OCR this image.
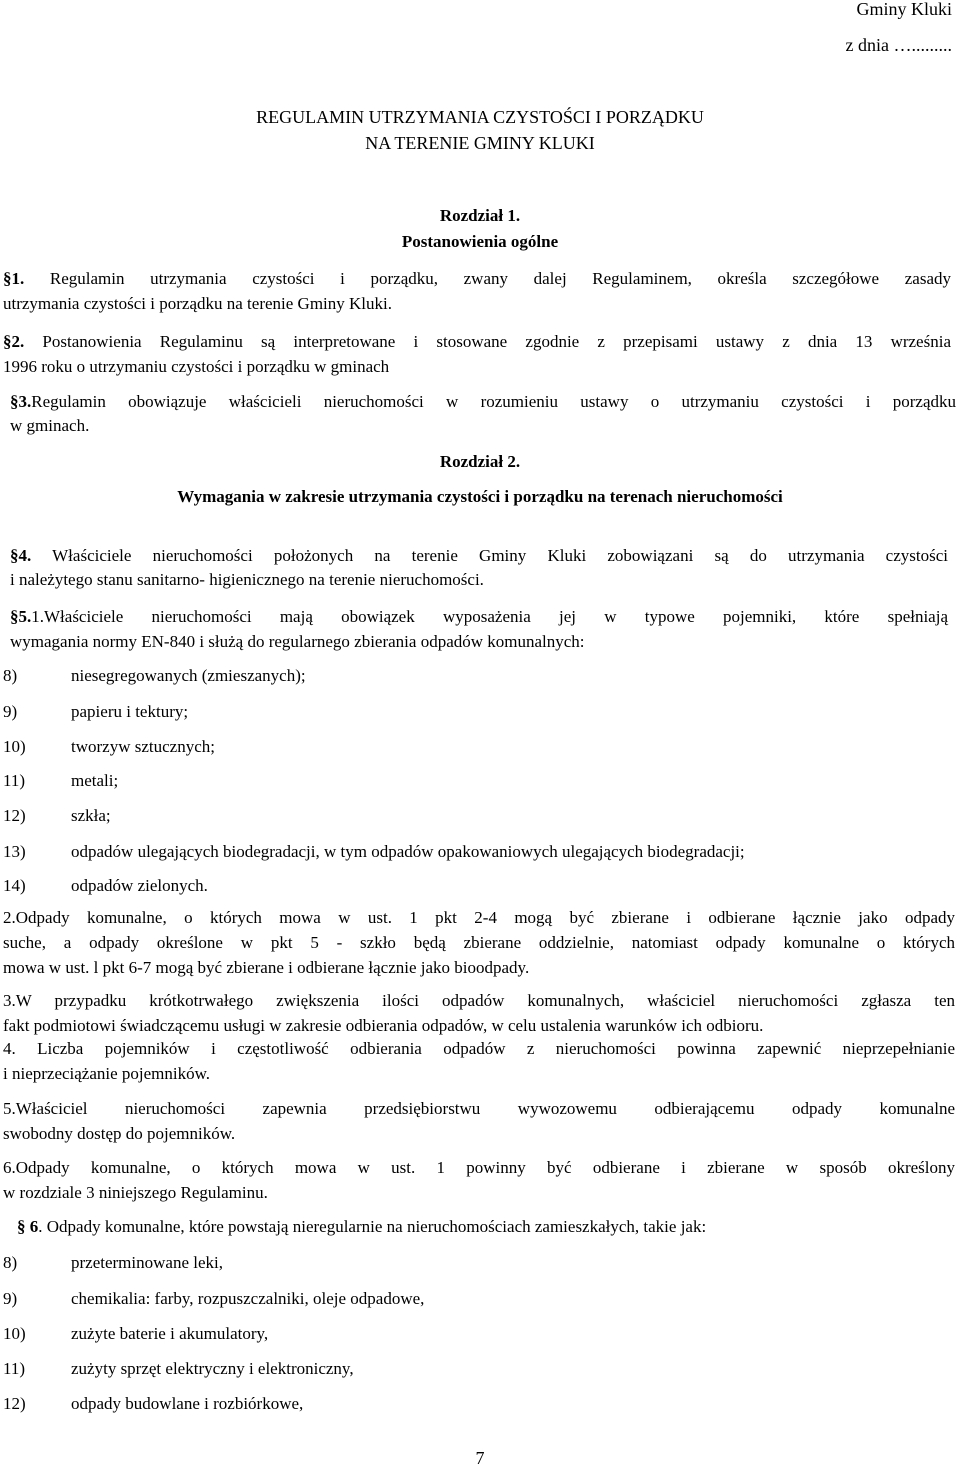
Gminy Kluki
z dnia ….........
REGULAMIN UTRZYMANIA CZYSTOŚCI I PORZĄDKU
NA TERENIE GMINY KLUKI
Rozdział 1.
Postanowienia ogólne
§1. Regulamin utrzymania czystości i porządku, zwany dalej Regulaminem, określa szczegółowe zasady
utrzymania czystości i porządku na terenie Gminy Kluki.
§2. Postanowienia Regulaminu są interpretowane i stosowane zgodnie z przepisami ustawy z dnia 13 września
1996 roku o utrzymaniu czystości i porządku w gminach
§3.Regulamin obowiązuje właścicieli nieruchomości w rozumieniu ustawy o utrzymaniu czystości i porządku
w gminach.
Rozdział 2.
Wymagania w zakresie utrzymania czystości i porządku na terenach nieruchomości
§4. Właściciele nieruchomości położonych na terenie Gminy Kluki zobowiązani są do utrzymania czystości
i należytego stanu sanitarno- higienicznego na terenie nieruchomości.
§5.1.Właściciele nieruchomości mają obowiązek wyposażenia jej w typowe pojemniki, które spełniają
wymagania normy EN-840 i służą do regularnego zbierania odpadów komunalnych:
8)	niesegregowanych (zmieszanych);
9)	papieru i tektury;
10)	tworzyw sztucznych;
11)	metali;
12)	szkła;
13)	odpadów ulegających biodegradacji, w tym odpadów opakowaniowych ulegających biodegradacji;
14)	odpadów zielonych.
2.Odpady komunalne, o których mowa w ust. 1 pkt 2-4 mogą być zbierane i odbierane łącznie jako odpady
suche, a odpady określone w pkt 5 - szkło będą zbierane oddzielnie, natomiast odpady komunalne o których
mowa w ust. l pkt 6-7 mogą być zbierane i odbierane łącznie jako bioodpady.
3.W przypadku krótkotrwałego zwiększenia ilości odpadów komunalnych, właściciel nieruchomości zgłasza ten
fakt podmiotowi świadczącemu usługi w zakresie odbierania odpadów, w celu ustalenia warunków ich odbioru.
4. Liczba pojemników i częstotliwość odbierania odpadów z nieruchomości powinna zapewnić nieprzepełnianie
i nieprzeciążanie pojemników.
5.Właściciel nieruchomości zapewnia przedsiębiorstwu wywozowemu odbierającemu odpady komunalne
swobodny dostęp do pojemników.
6.Odpady komunalne, o których mowa w ust. 1 powinny być odbierane i zbierane w sposób określony
w rozdziale 3 niniejszego Regulaminu.
§ 6. Odpady komunalne, które powstają nieregularnie na nieruchomościach zamieszkałych, takie jak:
8)	przeterminowane leki,
9)	chemikalia: farby, rozpuszczalniki, oleje odpadowe,
10)	zużyte baterie i akumulatory,
11)	zużyty sprzęt elektryczny i elektroniczny,
12)	odpady budowlane i rozbiórkowe,
7
